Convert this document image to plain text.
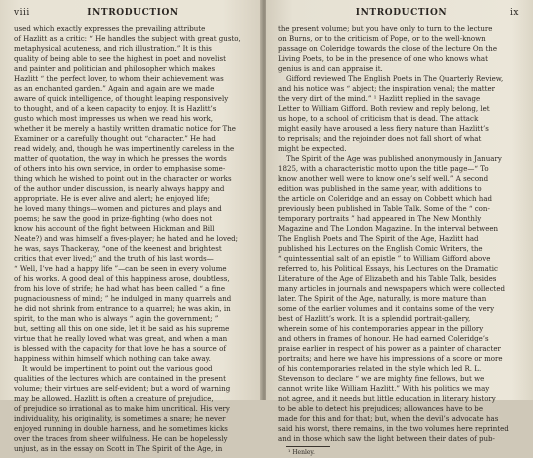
viii	INTRODUCTION
used which exactly expresses the prevailing attribute
of Hazlitt as a critic: “ He handles the subject with great gusto,
metaphysical acuteness, and rich illustration.” It is this
quality of being able to see the highest in poet and novelist
and painter and politician and philosopher which makes
Hazlitt “ the perfect lover, to whom their achievement was
as an enchanted garden.” Again and again are we made
aware of quick intelligence, of thought leaping responsively
to thought, and of a keen capacity to enjoy. It is Hazlitt’s
gusto which most impresses us when we read his work,
whether it be merely a hastily written dramatic notice for The
Examiner or a carefully thought out “character.” He had
read widely, and, though he was impertinently careless in the
matter of quotation, the way in which he presses the words
of others into his own service, in order to emphasise some-
thing which he wished to point out in the character or works
of the author under discussion, is nearly always happy and
appropriate. He is ever alive and alert; he enjoyed life;
he loved many things—women and pictures and plays and
poems; he saw the good in prize-fighting (who does not
know his account of the fight between Hickman and Bill
Neate?) and was himself a fives-player; he hated and he loved;
he was, says Thackeray, “one of the keenest and brightest
critics that ever lived;” and the truth of his last words—
“ Well, I’ve had a happy life ”—can be seen in every volume
of his works. A good deal of this happiness arose, doubtless,
from his love of strife; he had what has been called “ a fine
pugnaciousness of mind; ” he indulged in many quarrels and
he did not shrink from entrance to a quarrel; he was akin, in
spirit, to the man who is always “ agin the government; ”
but, setting all this on one side, let it be said as his supreme
virtue that he really loved what was great, and when a man
is blessed with the capacity for that love he has a source of
happiness within himself which nothing can take away.
It would be impertinent to point out the various good
qualities of the lectures which are contained in the present
volume; their virtues are self-evident; but a word of warning
may be allowed. Hazlitt is often a creature of prejudice,
of prejudice so irrational as to make him uncritical. His very
individuality, his originality, is sometimes a snare; he never
enjoyed running in double harness, and he sometimes kicks
over the traces from sheer wilfulness. He can be hopelessly
unjust, as in the essay on Scott in The Spirit of the Age, in
INTRODUCTION	ix
the present volume; but you have only to turn to the lecture
on Burns, or to the criticism of Pope, or to the well-known
passage on Coleridge towards the close of the lecture On the
Living Poets, to be in the presence of one who knows what
genius is and can appraise it.
Gifford reviewed The English Poets in The Quarterly Review,
and his notice was “ abject; the inspiration venal; the matter
the very dirt of the mind.” ¹ Hazlitt replied in the savage
Letter to William Gifford. Both review and reply belong, let
us hope, to a school of criticism that is dead. The attack
might easily have aroused a less fiery nature than Hazlitt’s
to reprisals; and the rejoinder does not fall short of what
might be expected.
The Spirit of the Age was published anonymously in January
1825, with a characteristic motto upon the title page—“ To
know another well were to know one’s self well.” A second
edition was published in the same year, with additions to
the article on Coleridge and an essay on Cobbett which had
previously been published in Table Talk. Some of the “ con-
temporary portraits ” had appeared in The New Monthly
Magazine and The London Magazine. In the interval between
The English Poets and The Spirit of the Age, Hazlitt had
published his Lectures on the English Comic Writers, the
“ quintessential salt of an epistle ” to William Gifford above
referred to, his Political Essays, his Lectures on the Dramatic
Literature of the Age of Elizabeth and his Table Talk, besides
many articles in journals and newspapers which were collected
later. The Spirit of the Age, naturally, is more mature than
some of the earlier volumes and it contains some of the very
best of Hazlitt’s work. It is a splendid portrait-gallery,
wherein some of his contemporaries appear in the pillory
and others in frames of honour. He had earned Coleridge’s
praise earlier in respect of his power as a painter of character
portraits; and here we have his impressions of a score or more
of his contemporaries related in the style which led R. L.
Stevenson to declare “ we are mighty fine fellows, but we
cannot write like William Hazlitt.” With his politics we may
not agree, and it needs but little education in literary history
to be able to detect his prejudices; allowances have to be
made for this and for that; but, when the devil’s advocate has
said his worst, there remains, in the two volumes here reprinted
and in those which saw the light between their dates of pub-
¹ Henley.
